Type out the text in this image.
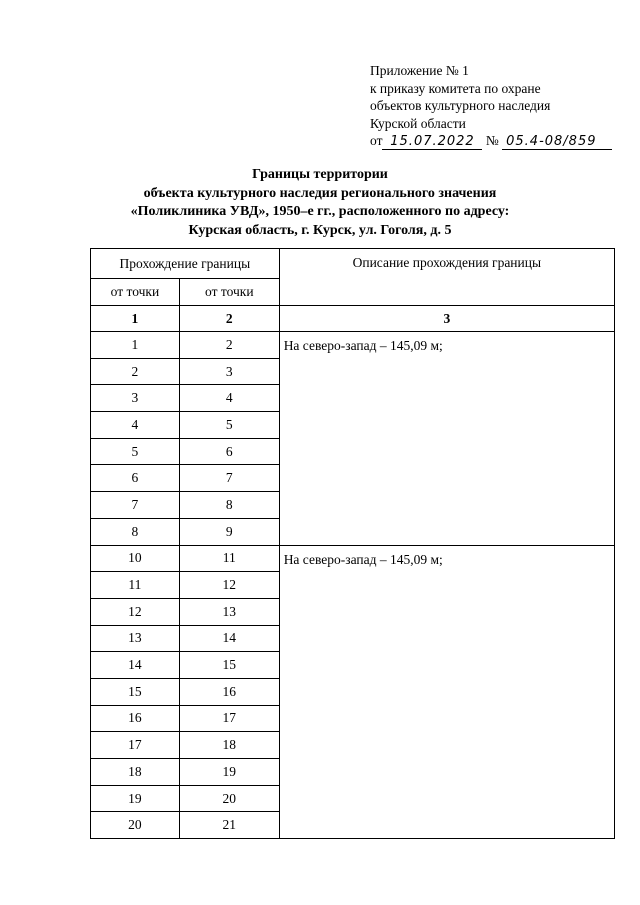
Приложение № 1
к приказу комитета по охране
объектов культурного наследия
Курской области
от 15.07.2022 № 05.4-08/859
Границы территории
объекта культурного наследия регионального значения
«Поликлиника УВД», 1950–е гг., расположенного по адресу:
Курская область, г. Курск, ул. Гоголя, д. 5
Прохождение границы		Описание прохождения границы
от точки	от точки	
1	2	3
1	2	На северо-запад – 145,09 м;
2	3	
3	4	
4	5	
5	6	
6	7	
7	8	
8	9	
10	11	На северо-запад – 145,09 м;
11	12	
12	13	
13	14	
14	15	
15	16	
16	17	
17	18	
18	19	
19	20	
20	21	
